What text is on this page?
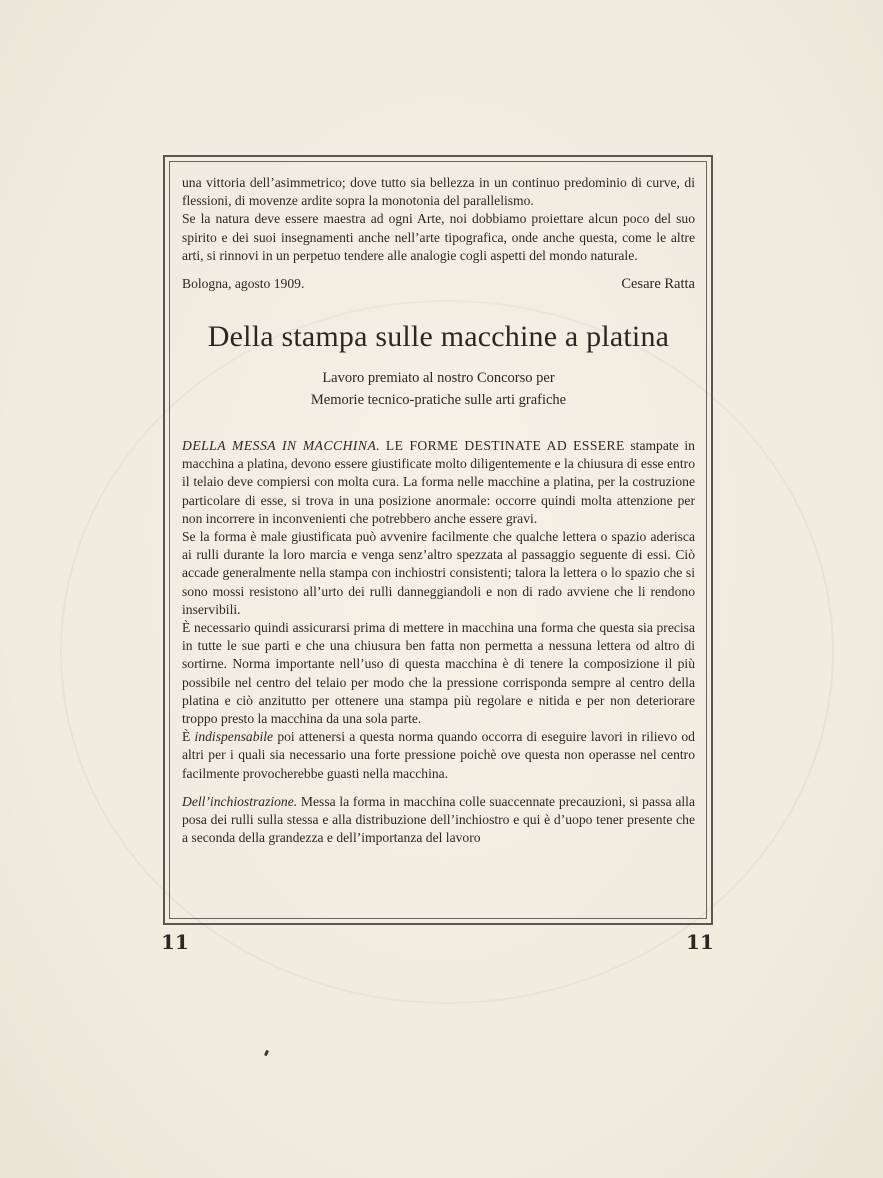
una vittoria dell’asimmetrico; dove tutto sia bellezza in un continuo predominio di curve, di flessioni, di movenze ardite sopra la monotonia del parallelismo.

Se la natura deve essere maestra ad ogni Arte, noi dobbiamo proiettare alcun poco del suo spirito e dei suoi insegnamenti anche nell’arte tipografica, onde anche questa, come le altre arti, si rinnovi in un perpetuo tendere alle analogie cogli aspetti del mondo naturale.

Bologna, agosto 1909.	Cesare Ratta
Della stampa sulle macchine a platina
Lavoro premiato al nostro Concorso per
Memorie tecnico-pratiche sulle arti grafiche

DELLA MESSA IN MACCHINA. LE FORME DESTINATE AD ESSERE stampate in macchina a platina, devono essere giustificate molto diligentemente e la chiusura di esse entro il telaio deve compiersi con molta cura. La forma nelle macchine a platina, per la costruzione particolare di esse, si trova in una posizione anormale: occorre quindi molta attenzione per non incorrere in inconvenienti che potrebbero anche essere gravi.

Se la forma è male giustificata può avvenire facilmente che qualche lettera o spazio aderisca ai rulli durante la loro marcia e venga senz’altro spezzata al passaggio seguente di essi. Ciò accade generalmente nella stampa con inchiostri consistenti; talora la lettera o lo spazio che si sono mossi resistono all’urto dei rulli danneggiandoli e non di rado avviene che li rendono inservibili.

È necessario quindi assicurarsi prima di mettere in macchina una forma che questa sia precisa in tutte le sue parti e che una chiusura ben fatta non permetta a nessuna lettera od altro di sortirne. Norma importante nell’uso di questa macchina è di tenere la composizione il più possibile nel centro del telaio per modo che la pressione corrisponda sempre al centro della platina e ciò anzitutto per ottenere una stampa più regolare e nitida e per non deteriorare troppo presto la macchina da una sola parte.

È indispensabile poi attenersi a questa norma quando occorra di eseguire lavori in rilievo od altri per i quali sia necessario una forte pressione poichè ove questa non operasse nel centro facilmente provocherebbe guasti nella macchina.

Dell’inchiostrazione. Messa la forma in macchina colle suaccennate precauzioni, si passa alla posa dei rulli sulla stessa e alla distribuzione dell’inchiostro e qui è d’uopo tener presente che a seconda della grandezza e dell’importanza del lavoro

11	11
